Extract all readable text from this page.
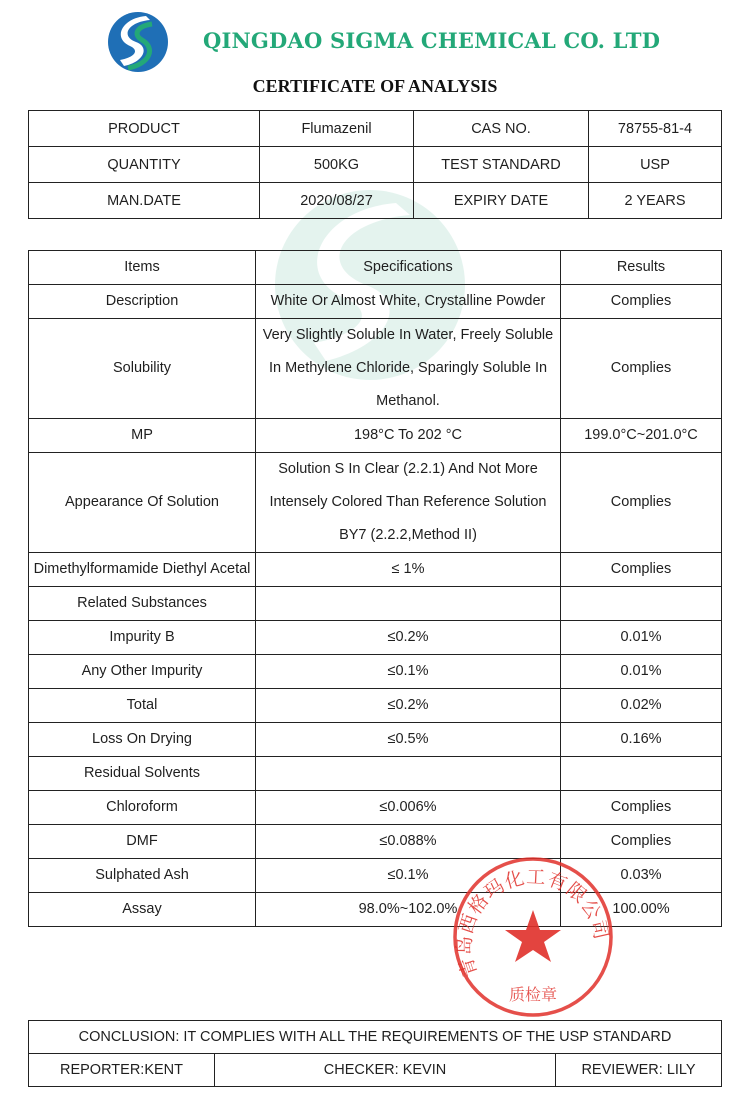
QINGDAO SIGMA CHEMICAL CO. LTD
CERTIFICATE OF ANALYSIS
PRODUCT	Flumazenil	CAS NO.	78755-81-4
QUANTITY	500KG	TEST STANDARD	USP
MAN.DATE	2020/08/27	EXPIRY DATE	2 YEARS
Items	Specifications	Results
Description	White Or Almost White, Crystalline Powder	Complies
Solubility	Very Slightly Soluble In Water, Freely Soluble In Methylene Chloride, Sparingly Soluble In Methanol.	Complies
MP	198°C To 202 °C	199.0°C~201.0°C
Appearance Of Solution	Solution S In Clear (2.2.1) And Not More Intensely Colored Than Reference Solution BY7 (2.2.2,Method II)	Complies
Dimethylformamide Diethyl Acetal	≤ 1%	Complies
Related Substances		
Impurity B	≤0.2%	0.01%
Any Other Impurity	≤0.1%	0.01%
Total	≤0.2%	0.02%
Loss On Drying	≤0.5%	0.16%
Residual Solvents		
Chloroform	≤0.006%	Complies
DMF	≤0.088%	Complies
Sulphated Ash	≤0.1%	0.03%
Assay	98.0%~102.0%	100.00%
CONCLUSION: IT COMPLIES WITH ALL THE REQUIREMENTS OF THE USP STANDARD
REPORTER:KENT	CHECKER: KEVIN	REVIEWER: LILY
青岛西格玛化工有限公司
质检章
